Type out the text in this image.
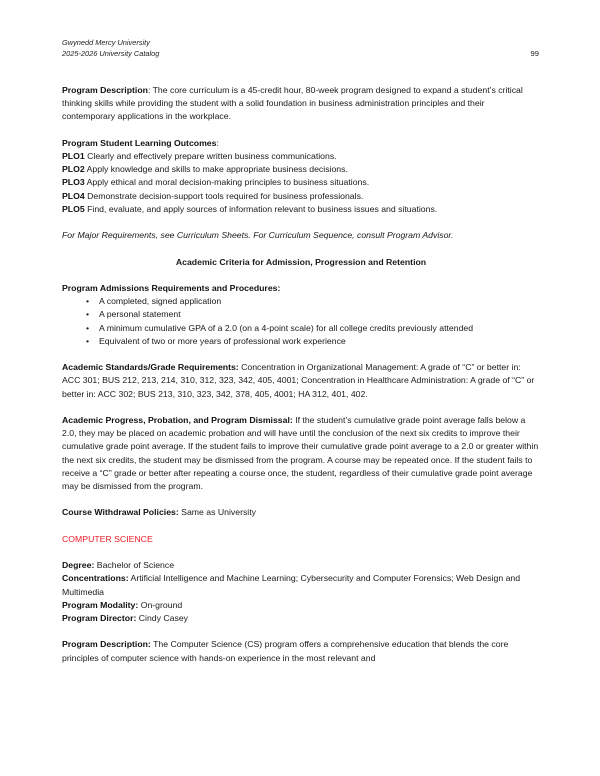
Gwynedd Mercy University
2025-2026 University Catalog	99

Program Description: The core curriculum is a 45-credit hour, 80-week program designed to expand a student’s critical thinking skills while providing the student with a solid foundation in business administration principles and their contemporary applications in the workplace.

Program Student Learning Outcomes:

PLO1 Clearly and effectively prepare written business communications.

PLO2 Apply knowledge and skills to make appropriate business decisions.

PLO3 Apply ethical and moral decision-making principles to business situations.

PLO4 Demonstrate decision-support tools required for business professionals.

PLO5 Find, evaluate, and apply sources of information relevant to business issues and situations.

For Major Requirements, see Curriculum Sheets. For Curriculum Sequence, consult Program Advisor.

Academic Criteria for Admission, Progression and Retention

Program Admissions Requirements and Procedures:

• A completed, signed application
• A personal statement
• A minimum cumulative GPA of a 2.0 (on a 4-point scale) for all college credits previously attended
• Equivalent of two or more years of professional work experience

Academic Standards/Grade Requirements: Concentration in Organizational Management: A grade of “C” or better in: ACC 301; BUS 212, 213, 214, 310, 312, 323, 342, 405, 4001; Concentration in Healthcare Administration: A grade of “C” or better in: ACC 302; BUS 213, 310, 323, 342, 378, 405, 4001; HA 312, 401, 402.

Academic Progress, Probation, and Program Dismissal: If the student’s cumulative grade point average falls below a 2.0, they may be placed on academic probation and will have until the conclusion of the next six credits to improve their cumulative grade point average. If the student fails to improve their cumulative grade point average to a 2.0 or greater within the next six credits, the student may be dismissed from the program. A course may be repeated once. If the student fails to receive a “C” grade or better after repeating a course once, the student, regardless of their cumulative grade point average may be dismissed from the program.

Course Withdrawal Policies: Same as University

COMPUTER SCIENCE

Degree: Bachelor of Science

Concentrations: Artificial Intelligence and Machine Learning; Cybersecurity and Computer Forensics; Web Design and Multimedia

Program Modality: On-ground

Program Director: Cindy Casey

Program Description: The Computer Science (CS) program offers a comprehensive education that blends the core principles of computer science with hands-on experience in the most relevant and
